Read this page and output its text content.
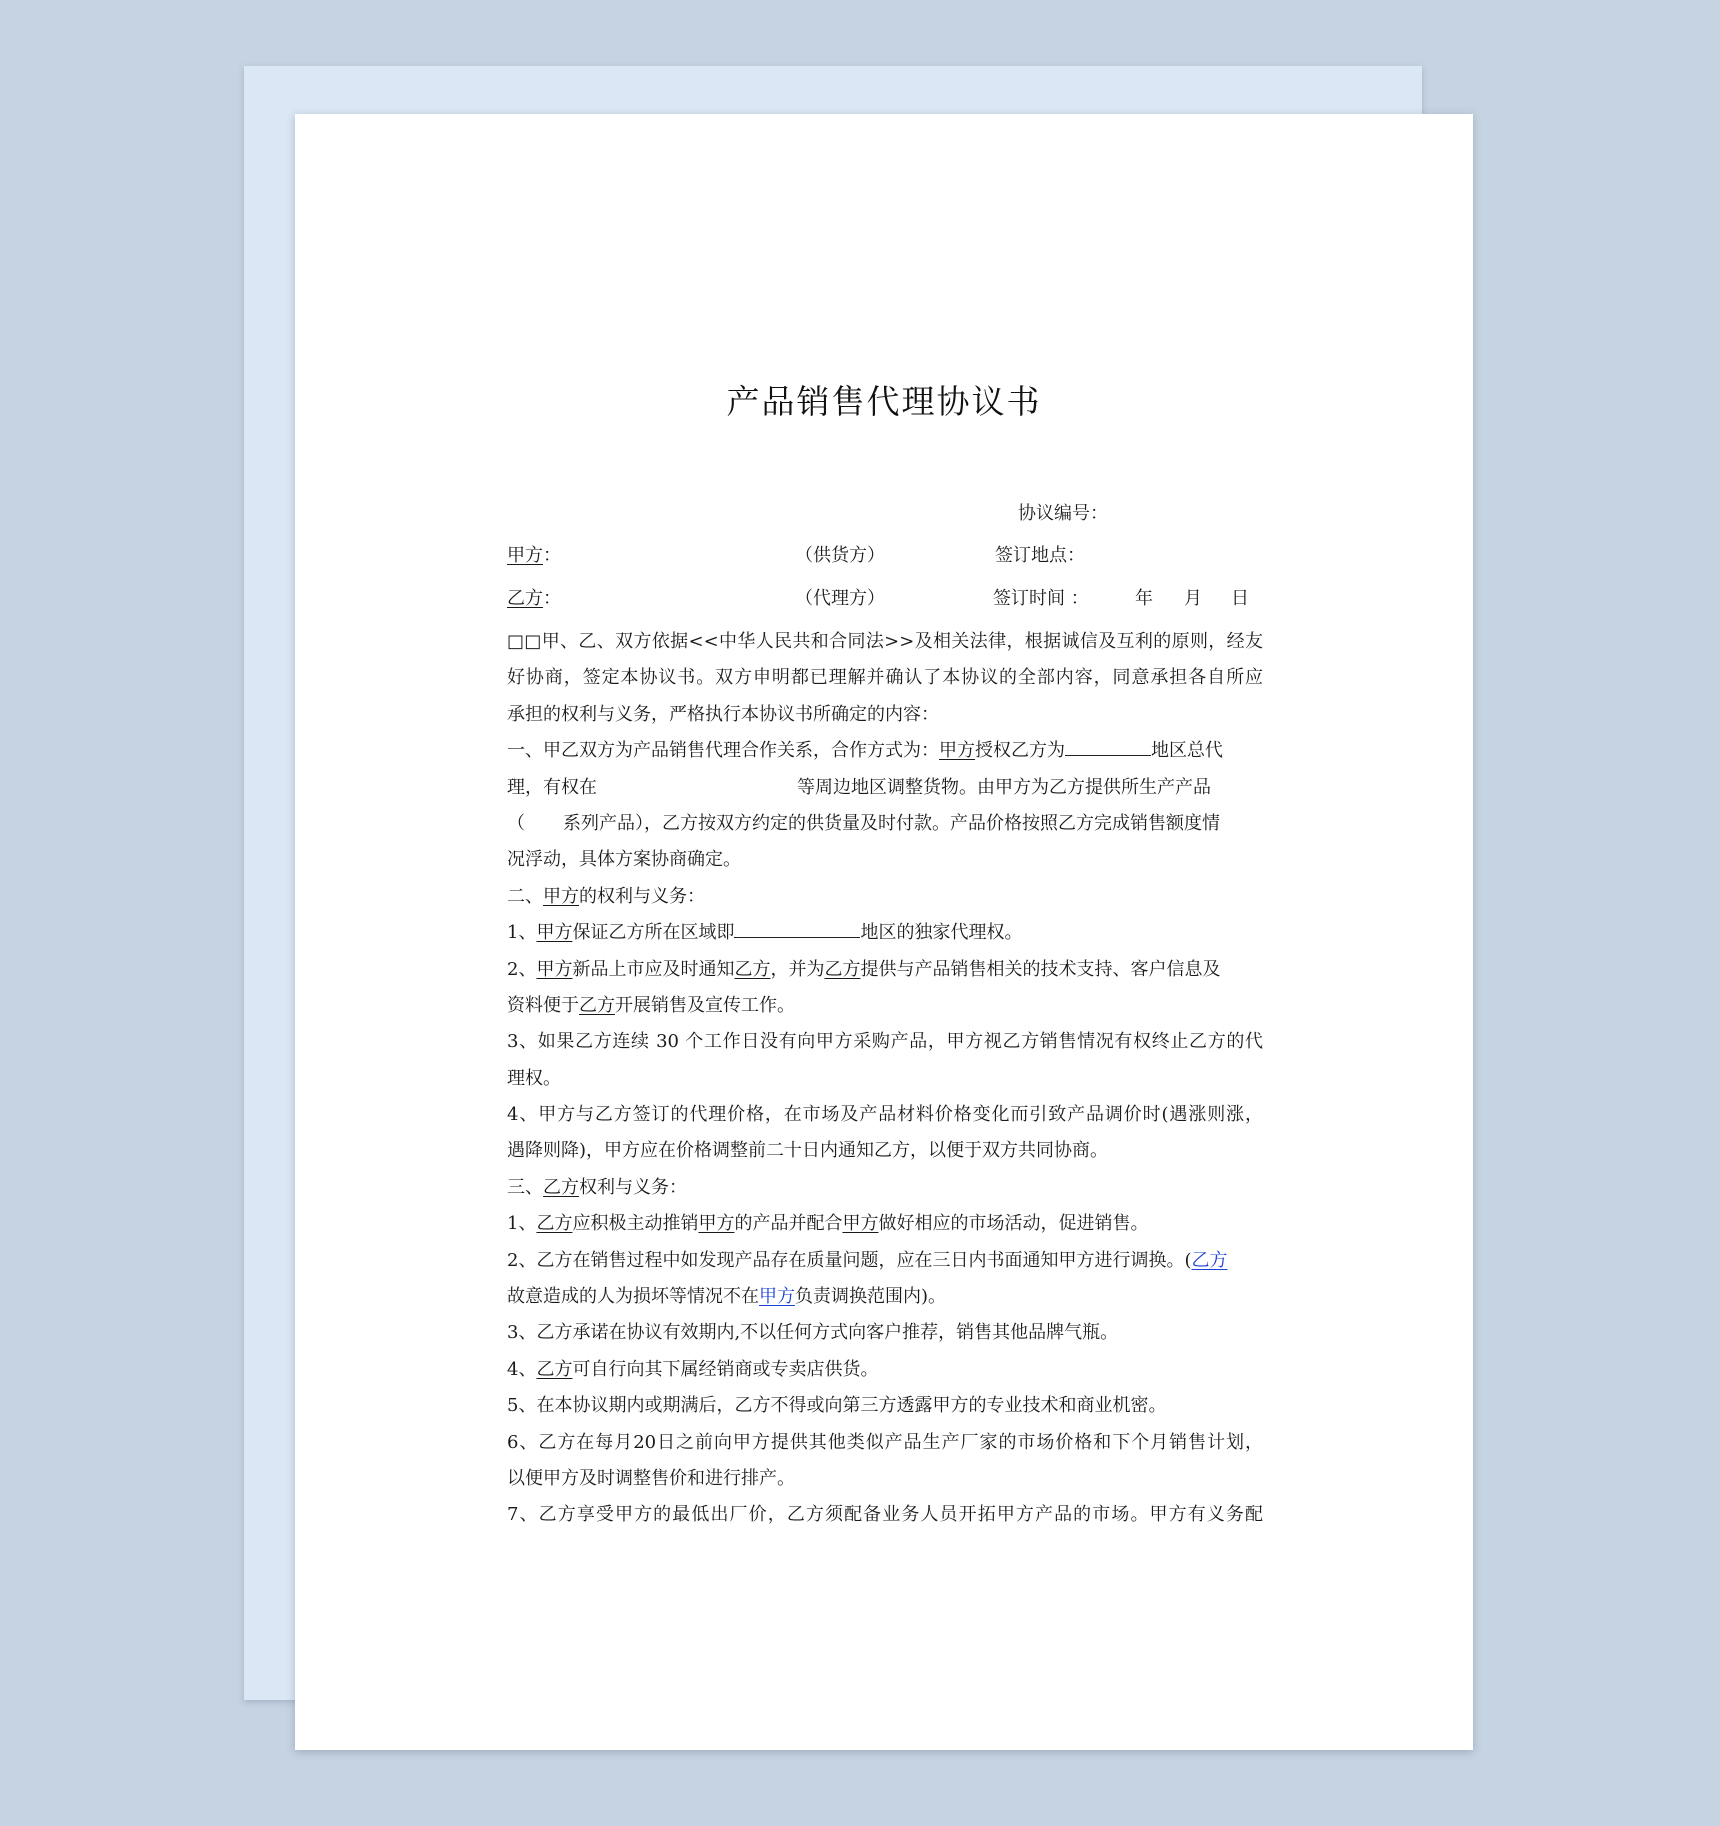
产品销售代理协议书
协议编号：
甲方：	（供货方）	签订地点：
乙方：	（代理方）	签订时间 ：	年 月 日
□□甲、乙、双方依据<<中华人民共和合同法>>及相关法律，根据诚信及互利的原则，经友
好协商，签定本协议书。双方申明都已理解并确认了本协议的全部内容，同意承担各自所应
承担的权利与义务，严格执行本协议书所确定的内容：
一、甲乙双方为产品销售代理合作关系，合作方式为：甲方授权乙方为	地区总代
理，有权在	等周边地区调整货物。由甲方为乙方提供所生产产品
（ 系列产品），乙方按双方约定的供货量及时付款。产品价格按照乙方完成销售额度情
况浮动，具体方案协商确定。
二、甲方的权利与义务：
1、甲方保证乙方所在区域即	地区的独家代理权。
2、甲方新品上市应及时通知乙方，并为乙方提供与产品销售相关的技术支持、客户信息及
资料便于乙方开展销售及宣传工作。
3、如果乙方连续 30 个工作日没有向甲方采购产品，甲方视乙方销售情况有权终止乙方的代
理权。
4、甲方与乙方签订的代理价格，在市场及产品材料价格变化而引致产品调价时(遇涨则涨，
遇降则降)，甲方应在价格调整前二十日内通知乙方，以便于双方共同协商。
三、乙方权利与义务：
1、乙方应积极主动推销甲方的产品并配合甲方做好相应的市场活动，促进销售。
2、乙方在销售过程中如发现产品存在质量问题，应在三日内书面通知甲方进行调换。(乙方
故意造成的人为损坏等情况不在甲方负责调换范围内)。
3、乙方承诺在协议有效期内,不以任何方式向客户推荐，销售其他品牌气瓶。
4、乙方可自行向其下属经销商或专卖店供货。
5、在本协议期内或期满后，乙方不得或向第三方透露甲方的专业技术和商业机密。
6、乙方在每月20日之前向甲方提供其他类似产品生产厂家的市场价格和下个月销售计划，
以便甲方及时调整售价和进行排产。
7、乙方享受甲方的最低出厂价，乙方须配备业务人员开拓甲方产品的市场。甲方有义务配
